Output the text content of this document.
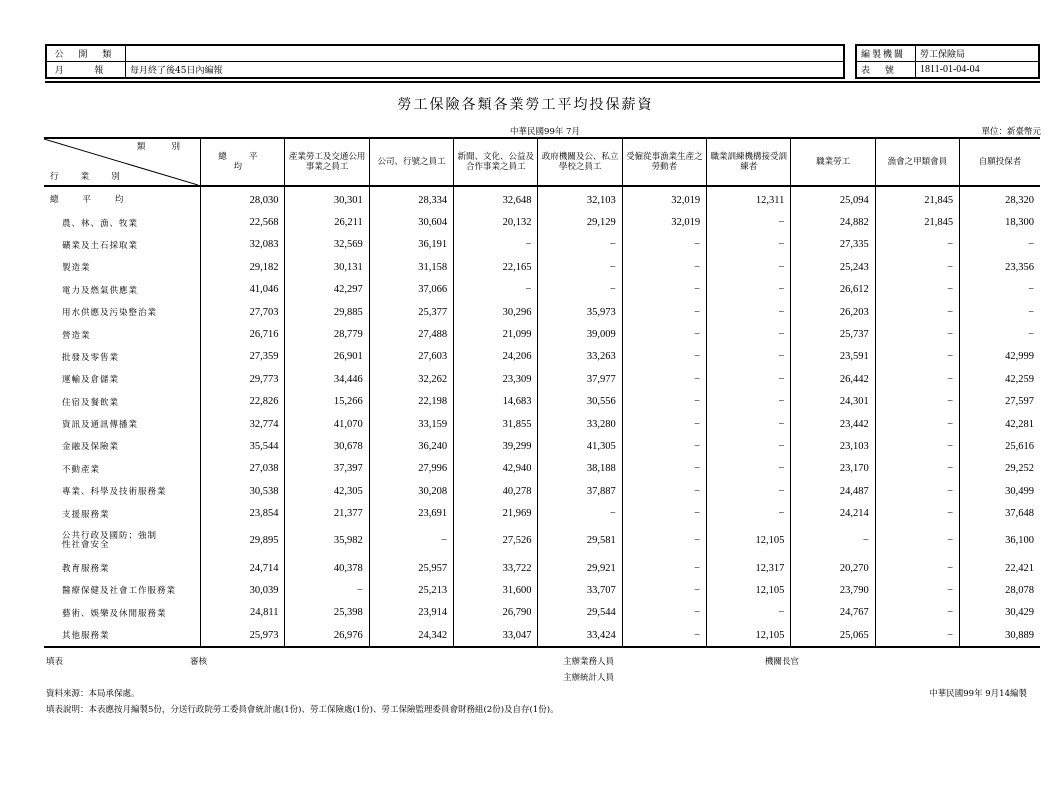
公 開 類	
月 報	每月終了後45日內編報
編製機關	勞工保險局
表 號	1811-01-04-04
勞工保險各類各業勞工平均投保薪資
中華民國99年 7月	單位：新臺幣元
類 別
行 業 別	總 平 均	產業勞工及交通公用事業之員工	公司、行號之員工	新聞、文化、公益及合作事業之員工	政府機關及公、私立學校之員工	受僱從事漁業生產之勞動者	職業訓練機構接受訓練者	職業勞工	漁會之甲類會員	自願投保者
總平均	28,030	30,301	28,334	32,648	32,103	32,019	12,311	25,094	21,845	28,320
農、林、漁、牧業	22,568	26,211	30,604	20,132	29,129	32,019	−	24,882	21,845	18,300
礦業及土石採取業	32,083	32,569	36,191	−	−	−	−	27,335	−	−
製造業	29,182	30,131	31,158	22,165	−	−	−	25,243	−	23,356
電力及燃氣供應業	41,046	42,297	37,066	−	−	−	−	26,612	−	−
用水供應及污染整治業	27,703	29,885	25,377	30,296	35,973	−	−	26,203	−	−
營造業	26,716	28,779	27,488	21,099	39,009	−	−	25,737	−	−
批發及零售業	27,359	26,901	27,603	24,206	33,263	−	−	23,591	−	42,999
運輸及倉儲業	29,773	34,446	32,262	23,309	37,977	−	−	26,442	−	42,259
住宿及餐飲業	22,826	15,266	22,198	14,683	30,556	−	−	24,301	−	27,597
資訊及通訊傳播業	32,774	41,070	33,159	31,855	33,280	−	−	23,442	−	42,281
金融及保險業	35,544	30,678	36,240	39,299	41,305	−	−	23,103	−	25,616
不動產業	27,038	37,397	27,996	42,940	38,188	−	−	23,170	−	29,252
專業、科學及技術服務業	30,538	42,305	30,208	40,278	37,887	−	−	24,487	−	30,499
支援服務業	23,854	21,377	23,691	21,969	−	−	−	24,214	−	37,648
公共行政及國防；強制性社會安全	29,895	35,982	−	27,526	29,581	−	12,105	−	−	36,100
教育服務業	24,714	40,378	25,957	33,722	29,921	−	12,317	20,270	−	22,421
醫療保健及社會工作服務業	30,039	−	25,213	31,600	33,707	−	12,105	23,790	−	28,078
藝術、娛樂及休閒服務業	24,811	25,398	23,914	26,790	29,544	−	−	24,767	−	30,429
其他服務業	25,973	26,976	24,342	33,047	33,424	−	12,105	25,065	−	30,889
填表	審核	主辦業務人員	機關長官
主辦統計人員
資料來源：本局承保處。	中華民國99年 9月14編製
填表說明：本表應按月編製5份，分送行政院勞工委員會統計處(1份)、勞工保險處(1份)、勞工保險監理委員會財務組(2份)及自存(1份)。
